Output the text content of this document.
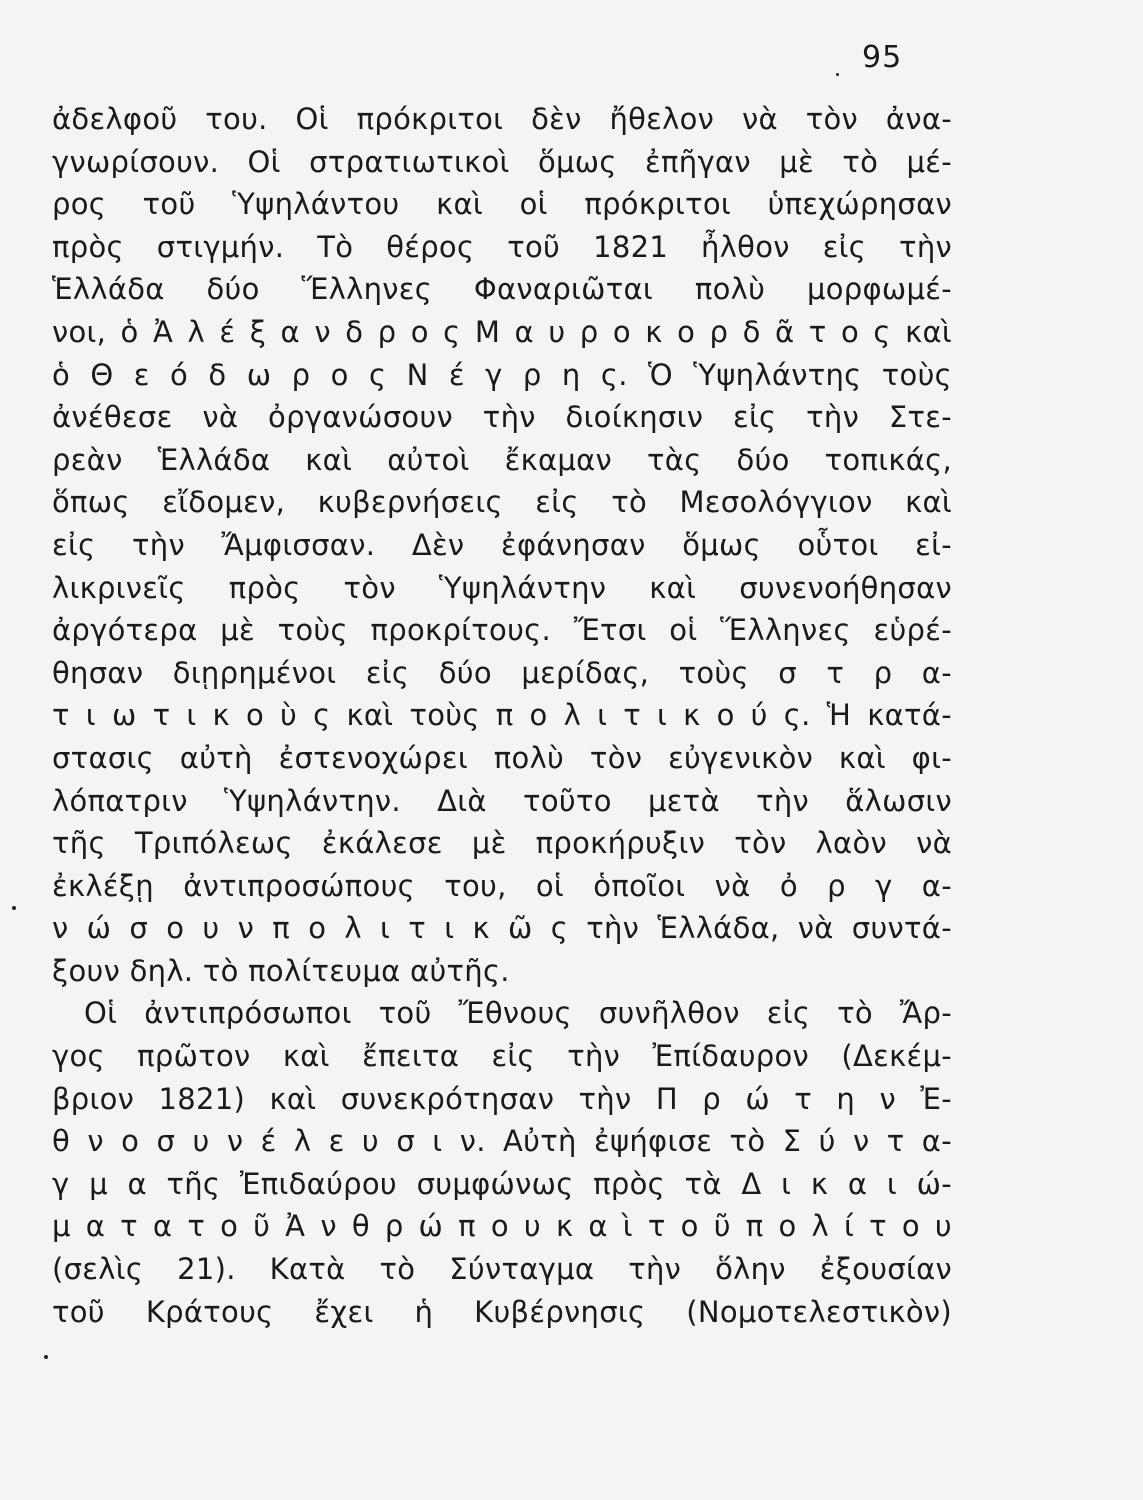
95
ἀδελφοῦ του. Οἱ πρόκριτοι δὲν ἤθελον νὰ τὸν ἀνα-
γνωρίσουν. Οἱ στρατιωτικοὶ ὅμως ἐπῆγαν μὲ τὸ μέ-
ρος τοῦ Ὑψηλάντου καὶ οἱ πρόκριτοι ὑπεχώρησαν
πρὸς στιγμήν. Τὸ θέρος τοῦ 1821 ἦλθον εἰς τὴν
Ἑλλάδα δύο Ἕλληνες Φαναριῶται πολὺ μορφωμέ-
νοι, ὁ Ἀ λ έ ξ α ν δ ρ ο ς Μ α υ ρ ο κ ο ρ δ ᾶ τ ο ς καὶ
ὁ Θ ε ό δ ω ρ ο ς Ν έ γ ρ η ς. Ὁ Ὑψηλάντης τοὺς
ἀνέθεσε νὰ ὀργανώσουν τὴν διοίκησιν εἰς τὴν Στε-
ρεὰν Ἑλλάδα καὶ αὐτοὶ ἔκαμαν τὰς δύο τοπικάς,
ὅπως εἴδομεν, κυβερνήσεις εἰς τὸ Μεσολόγγιον καὶ
εἰς τὴν Ἄμφισσαν. Δὲν ἐφάνησαν ὅμως οὗτοι εἰ-
λικρινεῖς πρὸς τὸν Ὑψηλάντην καὶ συνενοήθησαν
ἀργότερα μὲ τοὺς προκρίτους. Ἔτσι οἱ Ἕλληνες εὑρέ-
θησαν διῃρημένοι εἰς δύο μερίδας, τοὺς σ τ ρ α-
τ ι ω τ ι κ ο ὺ ς καὶ τοὺς π ο λ ι τ ι κ ο ύ ς. Ἡ κατά-
στασις αὐτὴ ἐστενοχώρει πολὺ τὸν εὐγενικὸν καὶ φι-
λόπατριν Ὑψηλάντην. Διὰ τοῦτο μετὰ τὴν ἅλωσιν
τῆς Τριπόλεως ἐκάλεσε μὲ προκήρυξιν τὸν λαὸν νὰ
ἐκλέξῃ ἀντιπροσώπους του, οἱ ὁποῖοι νὰ ὀ ρ γ α-
ν ώ σ ο υ ν π ο λ ι τ ι κ ῶ ς τὴν Ἑλλάδα, νὰ συντά-
ξουν δηλ. τὸ πολίτευμα αὐτῆς.
Οἱ ἀντιπρόσωποι τοῦ Ἔθνους συνῆλθον εἰς τὸ Ἄρ-
γος πρῶτον καὶ ἔπειτα εἰς τὴν Ἐπίδαυρον (Δεκέμ-
βριον 1821) καὶ συνεκρότησαν τὴν Π ρ ώ τ η ν Ἐ-
θ ν ο σ υ ν έ λ ε υ σ ι ν. Αὐτὴ ἐψήφισε τὸ Σ ύ ν τ α-
γ μ α τῆς Ἐπιδαύρου συμφώνως πρὸς τὰ Δ ι κ α ι ώ-
μ α τ α τ ο ῦ Ἀ ν θ ρ ώ π ο υ κ α ὶ τ ο ῦ π ο λ ί τ ο υ
(σελὶς 21). Κατὰ τὸ Σύνταγμα τὴν ὅλην ἐξουσίαν
τοῦ Κράτους ἔχει ἡ Κυβέρνησις (Νομοτελεστικὸν)
